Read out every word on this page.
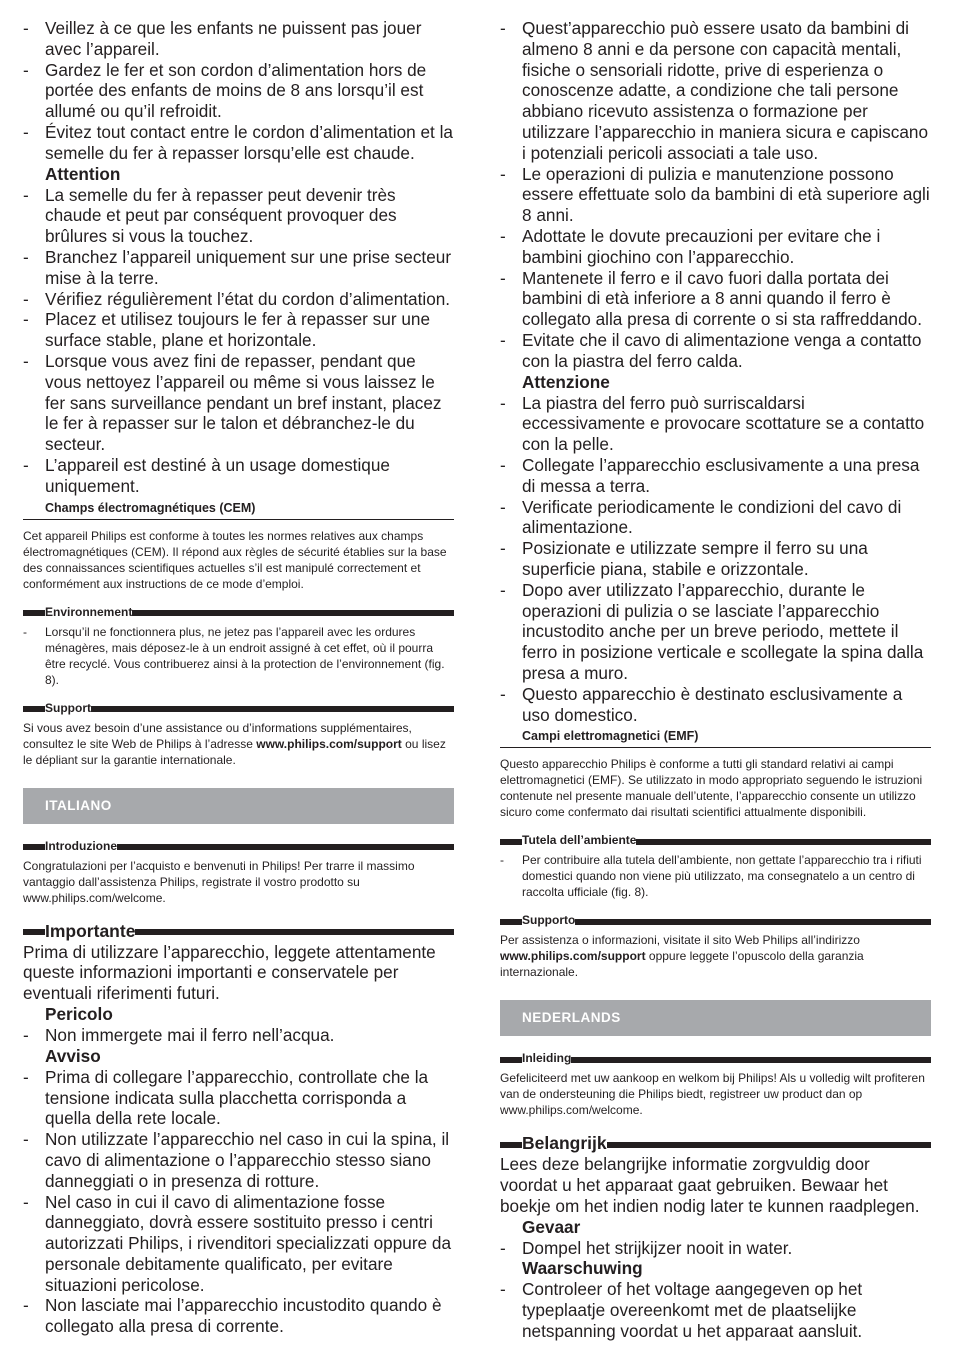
- Veillez à ce que les enfants ne puissent pas jouer avec l’appareil.
- Gardez le fer et son cordon d’alimentation hors de portée des enfants de moins de 8 ans lorsqu’il est allumé ou qu’il refroidit.
- Évitez tout contact entre le cordon d’alimentation et la semelle du fer à repasser lorsqu’elle est chaude.
Attention
- La semelle du fer à repasser peut devenir très chaude et peut par conséquent provoquer des brûlures si vous la touchez.
- Branchez l’appareil uniquement sur une prise secteur mise à la terre.
- Vérifiez régulièrement l’état du cordon d’alimentation.
- Placez et utilisez toujours le fer à repasser sur une surface stable, plane et horizontale.
- Lorsque vous avez fini de repasser, pendant que vous nettoyez l’appareil ou même si vous laissez le fer sans surveillance pendant un bref instant, placez le fer à repasser sur le talon et débranchez-le du secteur.
- L’appareil est destiné à un usage domestique uniquement.
Champs électromagnétiques (CEM)

Cet appareil Philips est conforme à toutes les normes relatives aux champs électromagnétiques (CEM). Il répond aux règles de sécurité établies sur la base des connaissances scientifiques actuelles s’il est manipulé correctement et conformément aux instructions de ce mode d’emploi.

Environnement
- Lorsqu’il ne fonctionnera plus, ne jetez pas l’appareil avec les ordures ménagères, mais déposez-le à un endroit assigné à cet effet, où il pourra être recyclé. Vous contribuerez ainsi à la protection de l’environnement (fig. 8).
Support

Si vous avez besoin d’une assistance ou d’informations supplémentaires, consultez le site Web de Philips à l’adresse www.philips.com/support ou lisez le dépliant sur la garantie internationale.

ITALIANO
Introduzione

Congratulazioni per l’acquisto e benvenuti in Philips! Per trarre il massimo vantaggio dall’assistenza Philips, registrate il vostro prodotto su www.philips.com/welcome.

Importante

Prima di utilizzare l’apparecchio, leggete attentamente queste informazioni importanti e conservatele per eventuali riferimenti futuri.

Pericolo
- Non immergete mai il ferro nell’acqua.
Avviso
- Prima di collegare l’apparecchio, controllate che la tensione indicata sulla placchetta corrisponda a quella della rete locale.
- Non utilizzate l’apparecchio nel caso in cui la spina, il cavo di alimentazione o l’apparecchio stesso siano danneggiati o in presenza di rotture.
- Nel caso in cui il cavo di alimentazione fosse danneggiato, dovrà essere sostituito presso i centri autorizzati Philips, i rivenditori specializzati oppure da personale debitamente qualificato, per evitare situazioni pericolose.
- Non lasciate mai l’apparecchio incustodito quando è collegato alla presa di corrente.
- Quest’apparecchio può essere usato da bambini di almeno 8 anni e da persone con capacità mentali, fisiche o sensoriali ridotte, prive di esperienza o conoscenze adatte, a condizione che tali persone abbiano ricevuto assistenza o formazione per utilizzare l’apparecchio in maniera sicura e capiscano i potenziali pericoli associati a tale uso.
- Le operazioni di pulizia e manutenzione possono essere effettuate solo da bambini di età superiore agli 8 anni.
- Adottate le dovute precauzioni per evitare che i bambini giochino con l’apparecchio.
- Mantenete il ferro e il cavo fuori dalla portata dei bambini di età inferiore a 8 anni quando il ferro è collegato alla presa di corrente o si sta raffreddando.
- Evitate che il cavo di alimentazione venga a contatto con la piastra del ferro calda.
Attenzione
- La piastra del ferro può surriscaldarsi eccessivamente e provocare scottature se a contatto con la pelle.
- Collegate l’apparecchio esclusivamente a una presa di messa a terra.
- Verificate periodicamente le condizioni del cavo di alimentazione.
- Posizionate e utilizzate sempre il ferro su una superficie piana, stabile e orizzontale.
- Dopo aver utilizzato l’apparecchio, durante le operazioni di pulizia o se lasciate l’apparecchio incustodito anche per un breve periodo, mettete il ferro in posizione verticale e scollegate la spina dalla presa a muro.
- Questo apparecchio è destinato esclusivamente a uso domestico.
Campi elettromagnetici (EMF)

Questo apparecchio Philips è conforme a tutti gli standard relativi ai campi elettromagnetici (EMF). Se utilizzato in modo appropriato seguendo le istruzioni contenute nel presente manuale dell’utente, l’apparecchio consente un utilizzo sicuro come confermato dai risultati scientifici attualmente disponibili.

Tutela dell’ambiente
- Per contribuire alla tutela dell’ambiente, non gettate l’apparecchio tra i rifiuti domestici quando non viene più utilizzato, ma consegnatelo a un centro di raccolta ufficiale (fig. 8).
Supporto

Per assistenza o informazioni, visitate il sito Web Philips all’indirizzo www.philips.com/support oppure leggete l’opuscolo della garanzia internazionale.

NEDERLANDS
Inleiding

Gefeliciteerd met uw aankoop en welkom bij Philips! Als u volledig wilt profiteren van de ondersteuning die Philips biedt, registreer uw product dan op www.philips.com/welcome.

Belangrijk

Lees deze belangrijke informatie zorgvuldig door voordat u het apparaat gaat gebruiken. Bewaar het boekje om het indien nodig later te kunnen raadplegen.

Gevaar
- Dompel het strijkijzer nooit in water.
Waarschuwing
- Controleer of het voltage aangegeven op het typeplaatje overeenkomt met de plaatselijke netspanning voordat u het apparaat aansluit.
